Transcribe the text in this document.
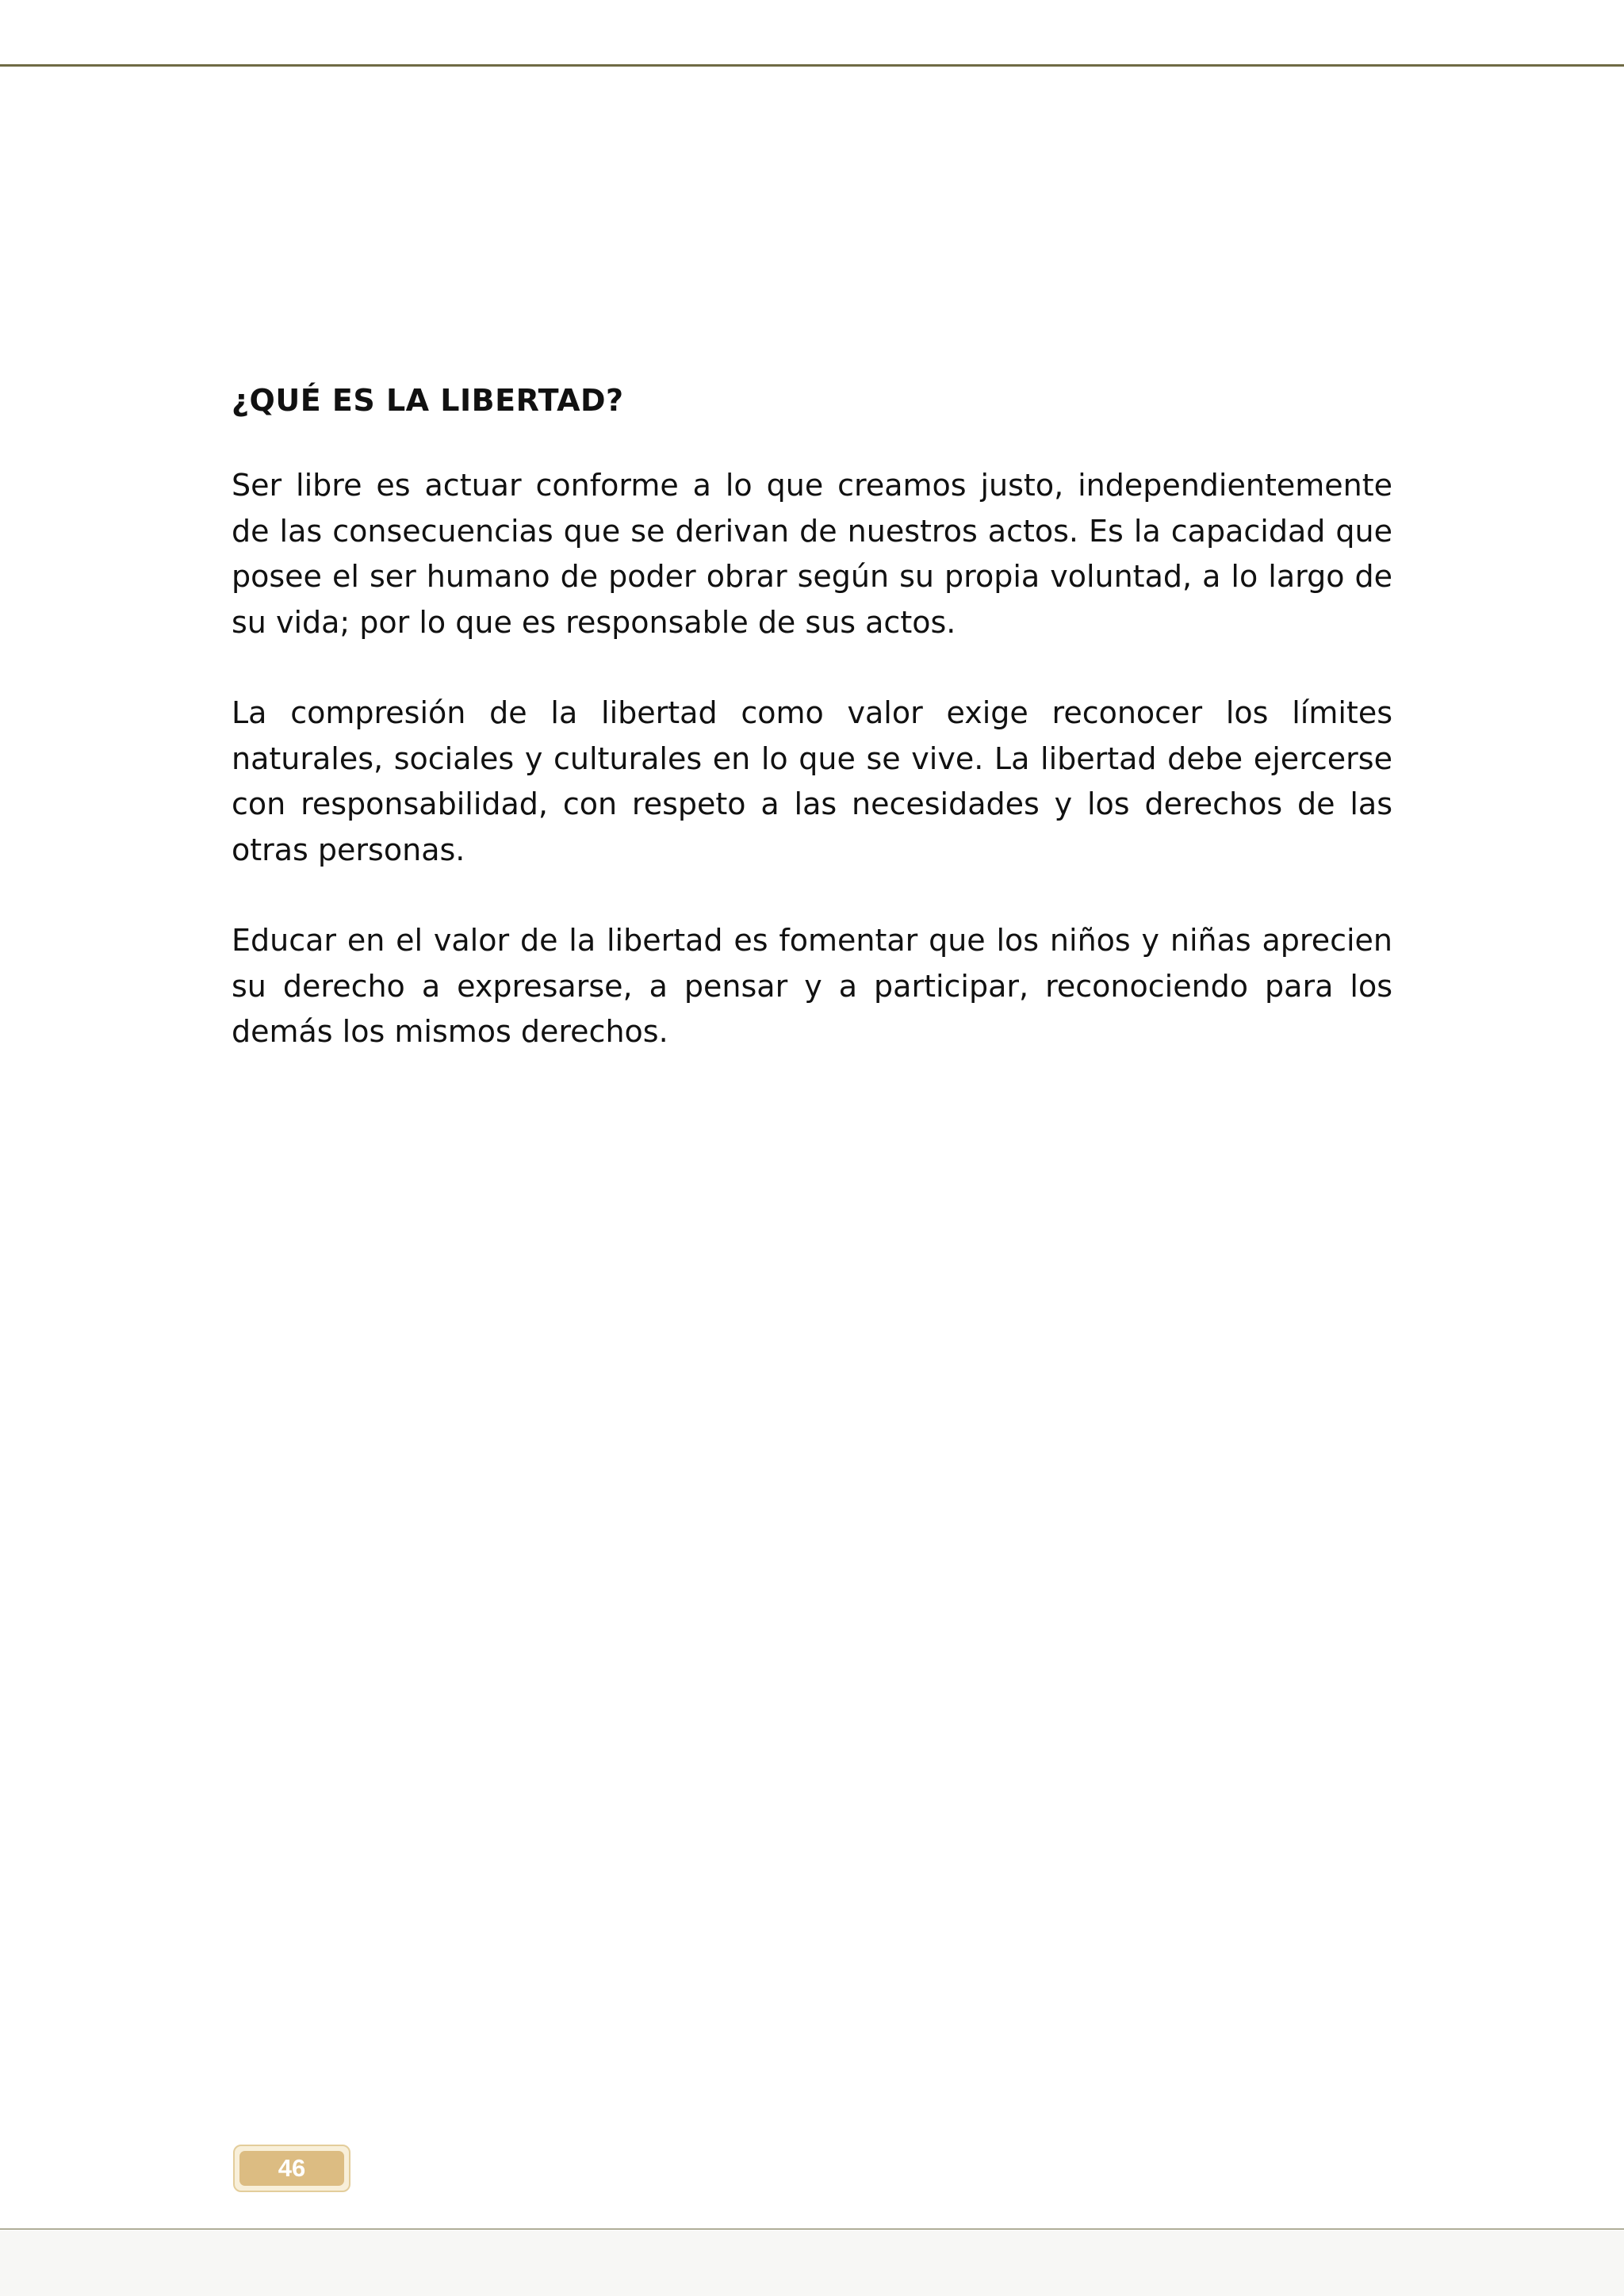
¿QUÉ ES LA LIBERTAD?

Ser libre es actuar conforme a lo que creamos justo, independientemente de las consecuencias que se derivan de nuestros actos. Es la capacidad que posee el ser humano de poder obrar según su propia voluntad, a lo largo de su vida; por lo que es responsable de sus actos.

La compresión de la libertad como valor exige reconocer los límites naturales, sociales y culturales en lo que se vive. La libertad debe ejercerse con responsabilidad, con respeto a las necesidades y los derechos de las otras personas.

Educar en el valor de la libertad es fomentar que los niños y niñas aprecien su derecho a expresarse, a pensar y a participar, reconociendo para los demás los mismos derechos.

46
